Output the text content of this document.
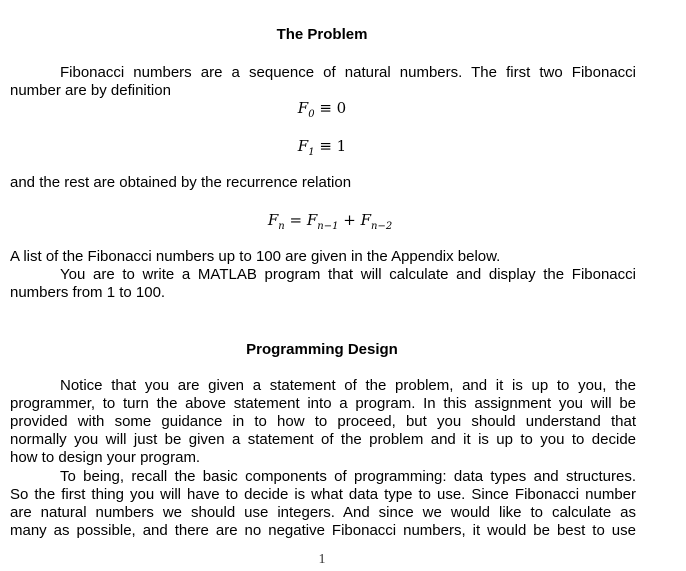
The Problem
Fibonacci numbers are a sequence of natural numbers. The first two Fibonacci
number are by definition
$F_0 \equiv 0$
$F_1 \equiv 1$
and the rest are obtained by the recurrence relation
$F_n = F_{n-1} + F_{n-2}$
A list of the Fibonacci numbers up to 100 are given in the Appendix below.
You are to write a MATLAB program that will calculate and display the Fibonacci
numbers from 1 to 100.
Programming Design
Notice that you are given a statement of the problem, and it is up to you, the
programmer, to turn the above statement into a program. In this assignment you will be
provided with some guidance in to how to proceed, but you should understand that
normally you will just be given a statement of the problem and it is up to you to decide
how to design your program.
To being, recall the basic components of programming: data types and structures.
So the first thing you will have to decide is what data type to use. Since Fibonacci number
are natural numbers we should use integers. And since we would like to calculate as
many as possible, and there are no negative Fibonacci numbers, it would be best to use
1
